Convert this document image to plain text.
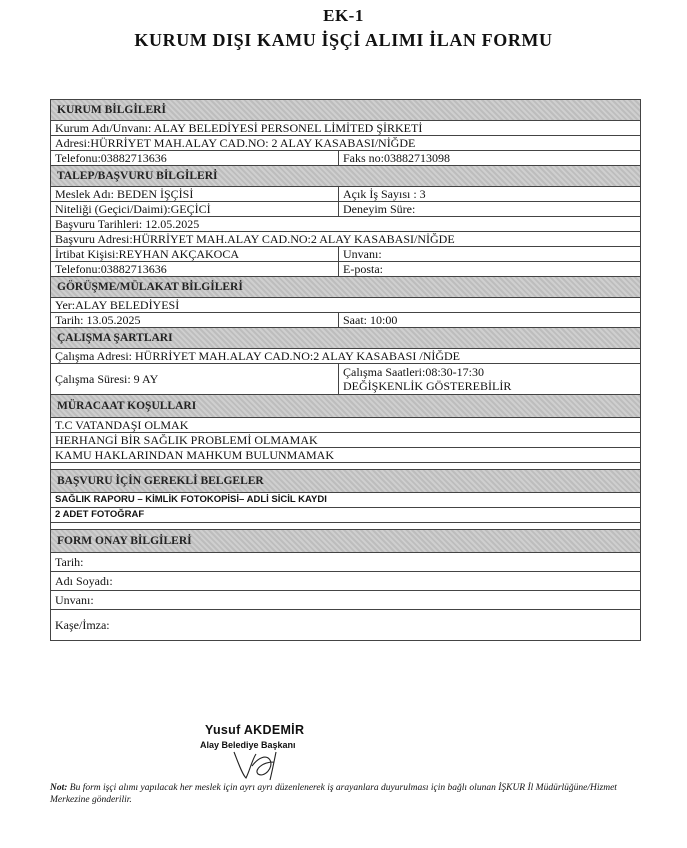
EK-1
KURUM DIŞI KAMU İŞÇİ ALIMI İLAN FORMU
KURUM BİLGİLERİ
Kurum Adı/Unvanı: ALAY BELEDİYESİ PERSONEL LİMİTED ŞİRKETİ
Adresi:HÜRRİYET MAH.ALAY CAD.NO: 2 ALAY KASABASI/NİĞDE
Telefonu:03882713636	Faks no:03882713098
TALEP/BAŞVURU BİLGİLERİ
Meslek Adı: BEDEN İŞÇİSİ	Açık İş Sayısı : 3
Niteliği (Geçici/Daimi):GEÇİCİ	Deneyim Süre:
Başvuru Tarihleri: 12.05.2025
Başvuru Adresi:HÜRRİYET MAH.ALAY CAD.NO:2 ALAY KASABASI/NİĞDE
İrtibat Kişisi:REYHAN AKÇAKOCA	Unvanı:
Telefonu:03882713636	E-posta:
GÖRÜŞME/MÜLAKAT BİLGİLERİ
Yer:ALAY BELEDİYESİ
Tarih: 13.05.2025	Saat: 10:00
ÇALIŞMA ŞARTLARI
Çalışma Adresi: HÜRRİYET MAH.ALAY CAD.NO:2 ALAY KASABASI /NİĞDE
Çalışma Süresi: 9 AY	Çalışma Saatleri:08:30-17:30
DEĞİŞKENLİK GÖSTEREBİLİR
MÜRACAAT KOŞULLARI
T.C VATANDAŞI OLMAK
HERHANGİ BİR SAĞLIK PROBLEMİ OLMAMAK
KAMU HAKLARINDAN MAHKUM BULUNMAMAK
BAŞVURU İÇİN GEREKLİ BELGELER
SAĞLIK RAPORU – KİMLİK FOTOKOPİSİ– ADLİ SİCİL KAYDI
2 ADET FOTOĞRAF
FORM ONAY BİLGİLERİ
Tarih:
Adı Soyadı:
Unvanı:
Kaşe/İmza:
Yusuf AKDEMİR
Alay Belediye Başkanı
Not: Bu form işçi alımı yapılacak her meslek için ayrı ayrı düzenlenerek iş arayanlara duyurulması için bağlı olunan İŞKUR İl Müdürlüğüne/Hizmet Merkezine gönderilir.
